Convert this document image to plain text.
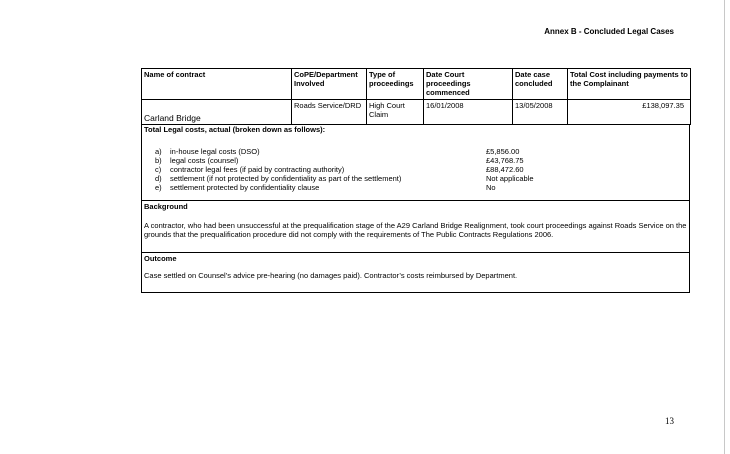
Annex B - Concluded Legal Cases
Name of contract	CoPE/Department Involved	Type of proceedings	Date Court proceedings commenced	Date case concluded	Total Cost including payments to the Complainant
Carland Bridge	Roads Service/DRD	High Court Claim	16/01/2008	13/05/2008	£138,097.35
Total Legal costs, actual (broken down as follows):
a)	in-house legal costs (DSO)	£5,856.00
b)	legal costs (counsel)	£43,768.75
c)	contractor legal fees (if paid by contracting authority)	£88,472.60
d)	settlement (if not protected by confidentiality as part of the settlement)	Not applicable
e)	settlement protected by confidentiality clause	No
Background
A contractor, who had been unsuccessful at the prequalification stage of the A29 Carland Bridge Realignment, took court proceedings against Roads Service on the grounds that the prequalification procedure did not comply with the requirements of The Public Contracts Regulations 2006.
Outcome
Case settled on Counsel’s advice pre-hearing (no damages paid). Contractor’s costs reimbursed by Department.
13
